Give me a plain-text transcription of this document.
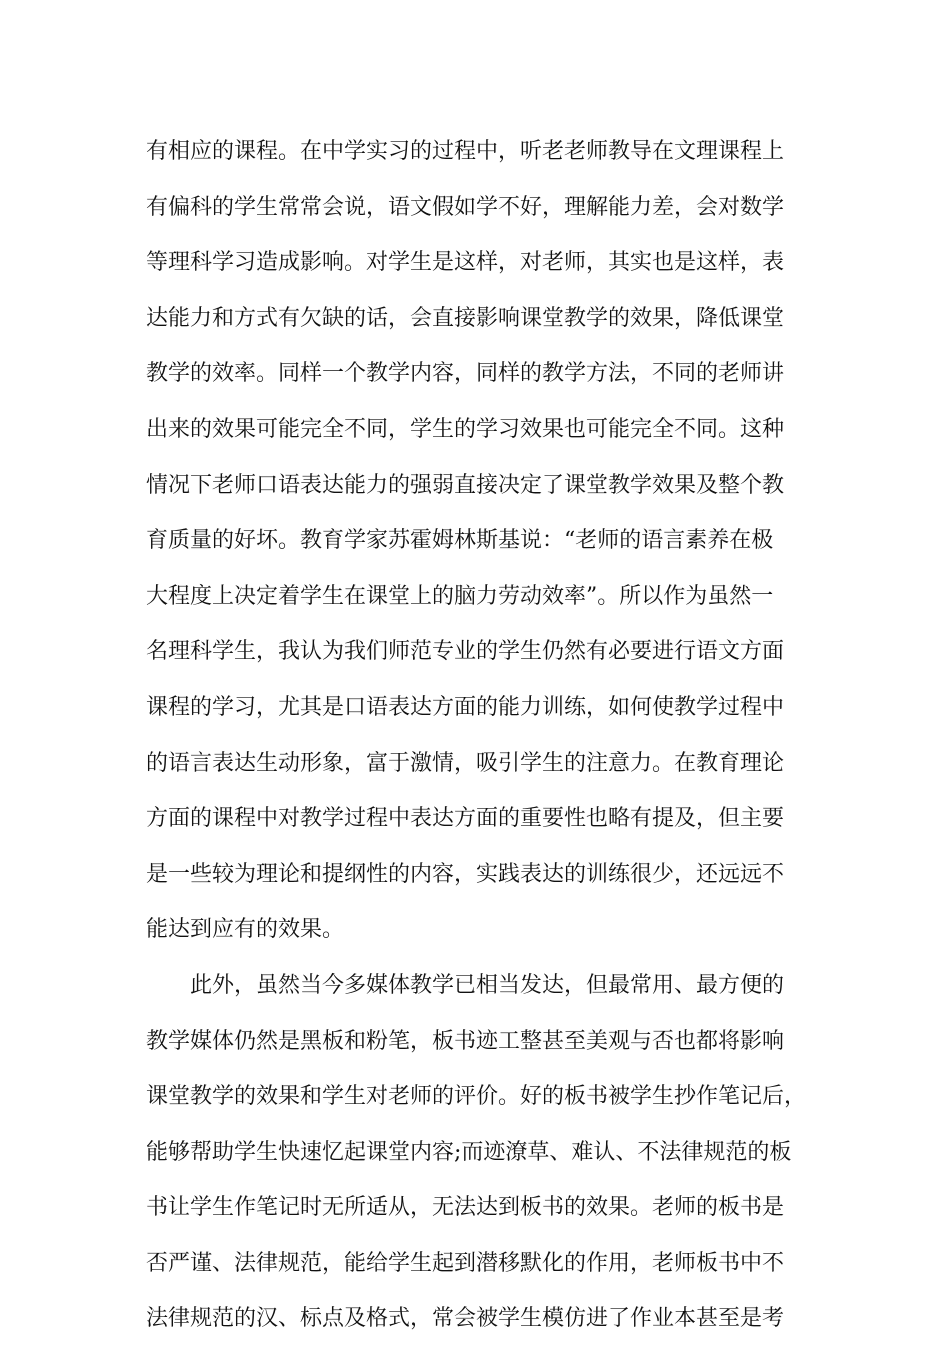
有相应的课程。在中学实习的过程中，听老老师教导在文理课程上
有偏科的学生常常会说，语文假如学不好，理解能力差，会对数学
等理科学习造成影响。对学生是这样，对老师，其实也是这样，表
达能力和方式有欠缺的话，会直接影响课堂教学的效果，降低课堂
教学的效率。同样一个教学内容，同样的教学方法，不同的老师讲
出来的效果可能完全不同，学生的学习效果也可能完全不同。这种
情况下老师口语表达能力的强弱直接决定了课堂教学效果及整个教
育质量的好坏。教育学家苏霍姆林斯基说：“老师的语言素养在极
大程度上决定着学生在课堂上的脑力劳动效率”。所以作为虽然一
名理科学生，我认为我们师范专业的学生仍然有必要进行语文方面
课程的学习，尤其是口语表达方面的能力训练，如何使教学过程中
的语言表达生动形象，富于激情，吸引学生的注意力。在教育理论
方面的课程中对教学过程中表达方面的重要性也略有提及，但主要
是一些较为理论和提纲性的内容，实践表达的训练很少，还远远不
能达到应有的效果。
此外，虽然当今多媒体教学已相当发达，但最常用、最方便的
教学媒体仍然是黑板和粉笔，板书迹工整甚至美观与否也都将影响
课堂教学的效果和学生对老师的评价。好的板书被学生抄作笔记后，
能够帮助学生快速忆起课堂内容;而迹潦草、难认、不法律规范的板
书让学生作笔记时无所适从，无法达到板书的效果。老师的板书是
否严谨、法律规范，能给学生起到潜移默化的作用，老师板书中不
法律规范的汉、标点及格式，常会被学生模仿进了作业本甚至是考
